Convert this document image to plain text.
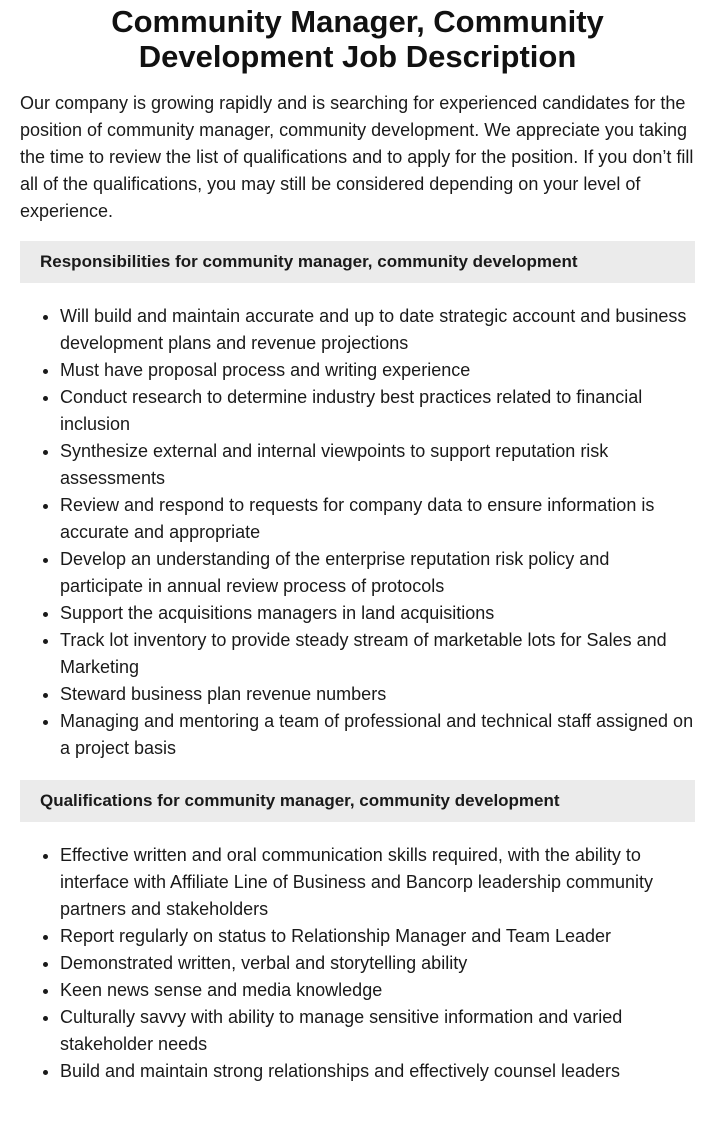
Community Manager, Community Development Job Description

Our company is growing rapidly and is searching for experienced candidates for the position of community manager, community development. We appreciate you taking the time to review the list of qualifications and to apply for the position. If you don’t fill all of the qualifications, you may still be considered depending on your level of experience.

Responsibilities for community manager, community development
• Will build and maintain accurate and up to date strategic account and business development plans and revenue projections
• Must have proposal process and writing experience
• Conduct research to determine industry best practices related to financial inclusion
• Synthesize external and internal viewpoints to support reputation risk assessments
• Review and respond to requests for company data to ensure information is accurate and appropriate
• Develop an understanding of the enterprise reputation risk policy and participate in annual review process of protocols
• Support the acquisitions managers in land acquisitions
• Track lot inventory to provide steady stream of marketable lots for Sales and Marketing
• Steward business plan revenue numbers
• Managing and mentoring a team of professional and technical staff assigned on a project basis
Qualifications for community manager, community development
• Effective written and oral communication skills required, with the ability to interface with Affiliate Line of Business and Bancorp leadership community partners and stakeholders
• Report regularly on status to Relationship Manager and Team Leader
• Demonstrated written, verbal and storytelling ability
• Keen news sense and media knowledge
• Culturally savvy with ability to manage sensitive information and varied stakeholder needs
• Build and maintain strong relationships and effectively counsel leaders
